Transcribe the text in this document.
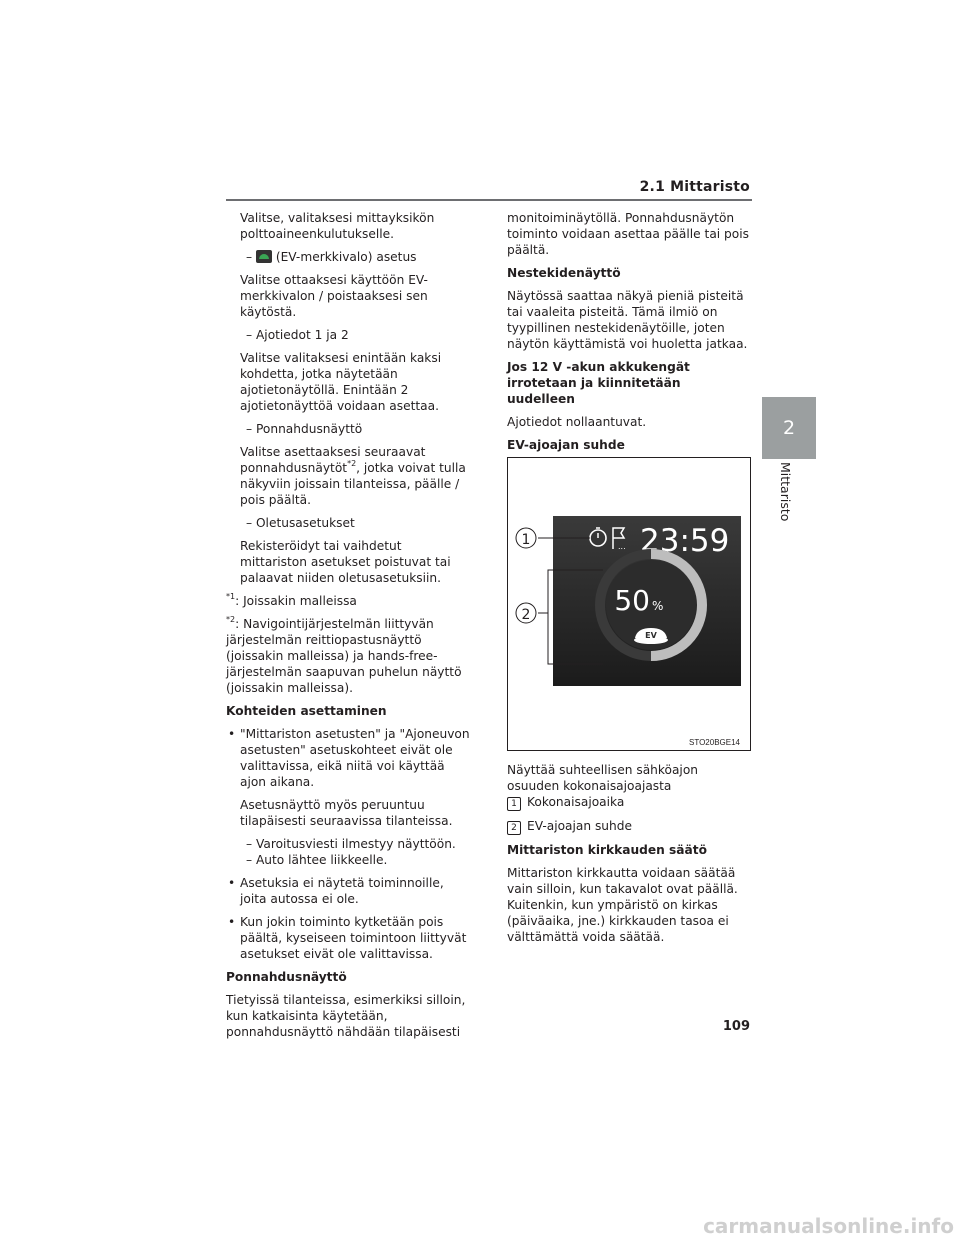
2.1 Mittaristo
2
Mittaristo

Valitse, valitaksesi mittayksikön polttoaineenkulutukselle.

–  (EV-merkkivalo) asetus

Valitse ottaaksesi käyttöön EV-merkkivalon / poistaaksesi sen käytöstä.

– Ajotiedot 1 ja 2

Valitse valitaksesi enintään kaksi kohdetta, jotka näytetään ajotietonäytöllä. Enintään 2 ajotietonäyttöä voidaan asettaa.

– Ponnahdusnäyttö

Valitse asettaaksesi seuraavat ponnahdusnäytöt$^{*2}$, jotka voivat tulla näkyviin joissain tilanteissa, päälle / pois päältä.

– Oletusasetukset

Rekisteröidyt tai vaihdetut mittariston asetukset poistuvat tai palaavat niiden oletusasetuksiin.

$^{*1}$: Joissakin malleissa

$^{*2}$: Navigointijärjestelmän liittyvän järjestelmän reittiopastusnäyttö (joissakin malleissa) ja hands-free-järjestelmän saapuvan puhelun näyttö (joissakin malleissa).

Kohteiden asettaminen

• "Mittariston asetusten" ja "Ajoneuvon asetusten" asetuskohteet eivät ole valittavissa, eikä niitä voi käyttää ajon aikana.

Asetusnäyttö myös peruuntuu tilapäisesti seuraavissa tilanteissa.

– Varoitusviesti ilmestyy näyttöön.

– Auto lähtee liikkeelle.

• Asetuksia ei näytetä toiminnoille, joita autossa ei ole.

• Kun jokin toiminto kytketään pois päältä, kyseiseen toimintoon liittyvät asetukset eivät ole valittavissa.

Ponnahdusnäyttö

Tietyissä tilanteissa, esimerkiksi silloin, kun katkaisinta käytetään, ponnahdusnäyttö nähdään tilapäisesti

monitoiminäytöllä. Ponnahdusnäytön toiminto voidaan asettaa päälle tai pois päältä.

Nestekidenäyttö

Näytössä saattaa näkyä pieniä pisteitä tai vaaleita pisteitä. Tämä ilmiö on tyypillinen nestekidenäytöille, joten näytön käyttämistä voi huoletta jatkaa.

Jos 12 V -akun akkukengät irrotetaan ja kiinnitetään uudelleen

Ajotiedot nollaantuvat.

EV-ajoajan suhde

... 23:59
50 %
EV
1
2
STO20BGE14

Näyttää suhteellisen sähköajon osuuden kokonaisajoajasta

1 Kokonaisajoaika

2 EV-ajoajan suhde

Mittariston kirkkauden säätö

Mittariston kirkkautta voidaan säätää vain silloin, kun takavalot ovat päällä. Kuitenkin, kun ympäristö on kirkas (päiväaika, jne.) kirkkauden tasoa ei välttämättä voida säätää.

109
carmanualsonline.info
